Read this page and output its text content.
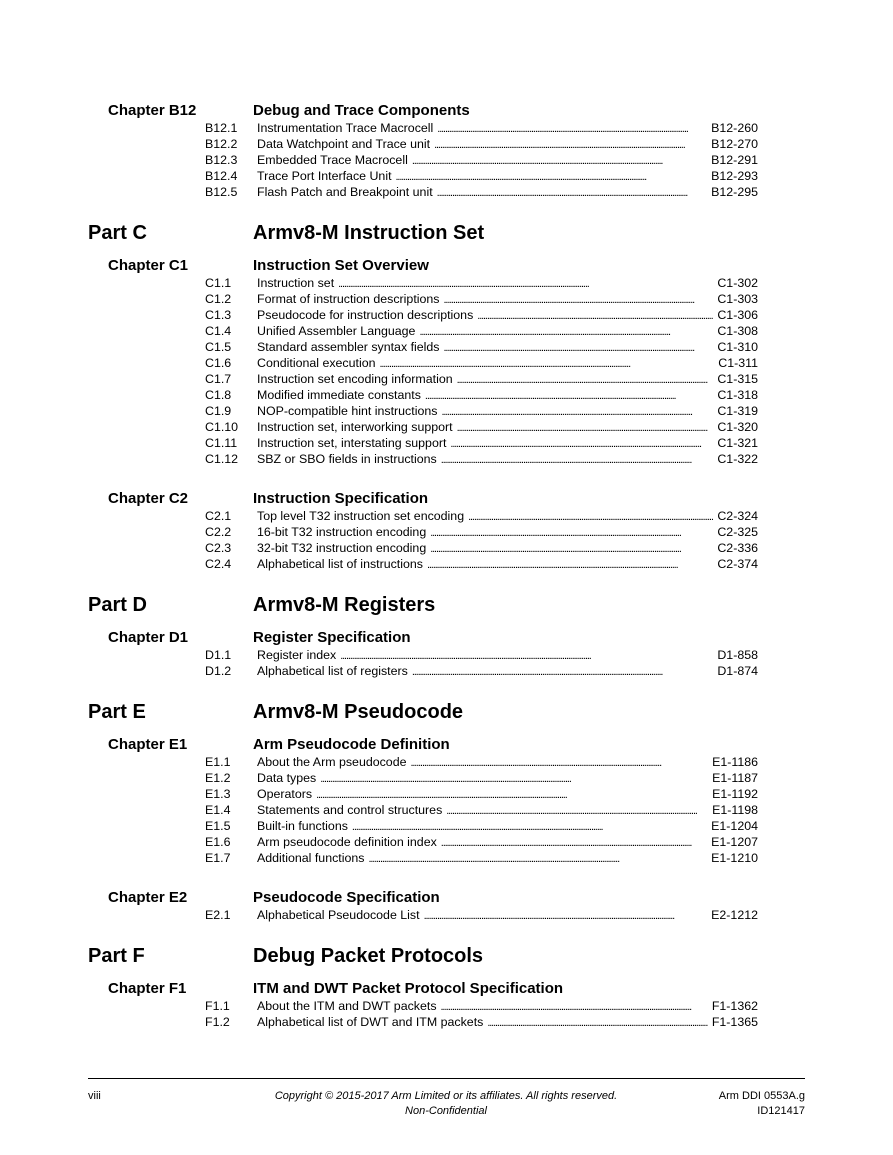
Chapter B12	Debug and Trace Components
B12.1	Instrumentation Trace Macrocell . . .	B12-260
B12.2	Data Watchpoint and Trace unit . . .	B12-270
B12.3	Embedded Trace Macrocell . . .	B12-291
B12.4	Trace Port Interface Unit . . .	B12-293
B12.5	Flash Patch and Breakpoint unit . . .	B12-295
Part C	Armv8-M Instruction Set
Chapter C1	Instruction Set Overview
C1.1	Instruction set . . .	C1-302
C1.2	Format of instruction descriptions . . .	C1-303
C1.3	Pseudocode for instruction descriptions . . .	C1-306
C1.4	Unified Assembler Language . . .	C1-308
C1.5	Standard assembler syntax fields . . .	C1-310
C1.6	Conditional execution . . .	C1-311
C1.7	Instruction set encoding information . . .	C1-315
C1.8	Modified immediate constants . . .	C1-318
C1.9	NOP-compatible hint instructions . . .	C1-319
C1.10	Instruction set, interworking support . . .	C1-320
C1.11	Instruction set, interstating support . . .	C1-321
C1.12	SBZ or SBO fields in instructions . . .	C1-322
Chapter C2	Instruction Specification
C2.1	Top level T32 instruction set encoding . . .	C2-324
C2.2	16-bit T32 instruction encoding . . .	C2-325
C2.3	32-bit T32 instruction encoding . . .	C2-336
C2.4	Alphabetical list of instructions . . .	C2-374
Part D	Armv8-M Registers
Chapter D1	Register Specification
D1.1	Register index . . .	D1-858
D1.2	Alphabetical list of registers . . .	D1-874
Part E	Armv8-M Pseudocode
Chapter E1	Arm Pseudocode Definition
E1.1	About the Arm pseudocode . . .	E1-1186
E1.2	Data types . . .	E1-1187
E1.3	Operators . . .	E1-1192
E1.4	Statements and control structures . . .	E1-1198
E1.5	Built-in functions . . .	E1-1204
E1.6	Arm pseudocode definition index . . .	E1-1207
E1.7	Additional functions . . .	E1-1210
Chapter E2	Pseudocode Specification
E2.1	Alphabetical Pseudocode List . . .	E2-1212
Part F	Debug Packet Protocols
Chapter F1	ITM and DWT Packet Protocol Specification
F1.1	About the ITM and DWT packets . . .	F1-1362
F1.2	Alphabetical list of DWT and ITM packets . . .	F1-1365
viii	Copyright © 2015-2017 Arm Limited or its affiliates. All rights reserved.
Non-Confidential
Arm DDI 0553A.g
ID121417
